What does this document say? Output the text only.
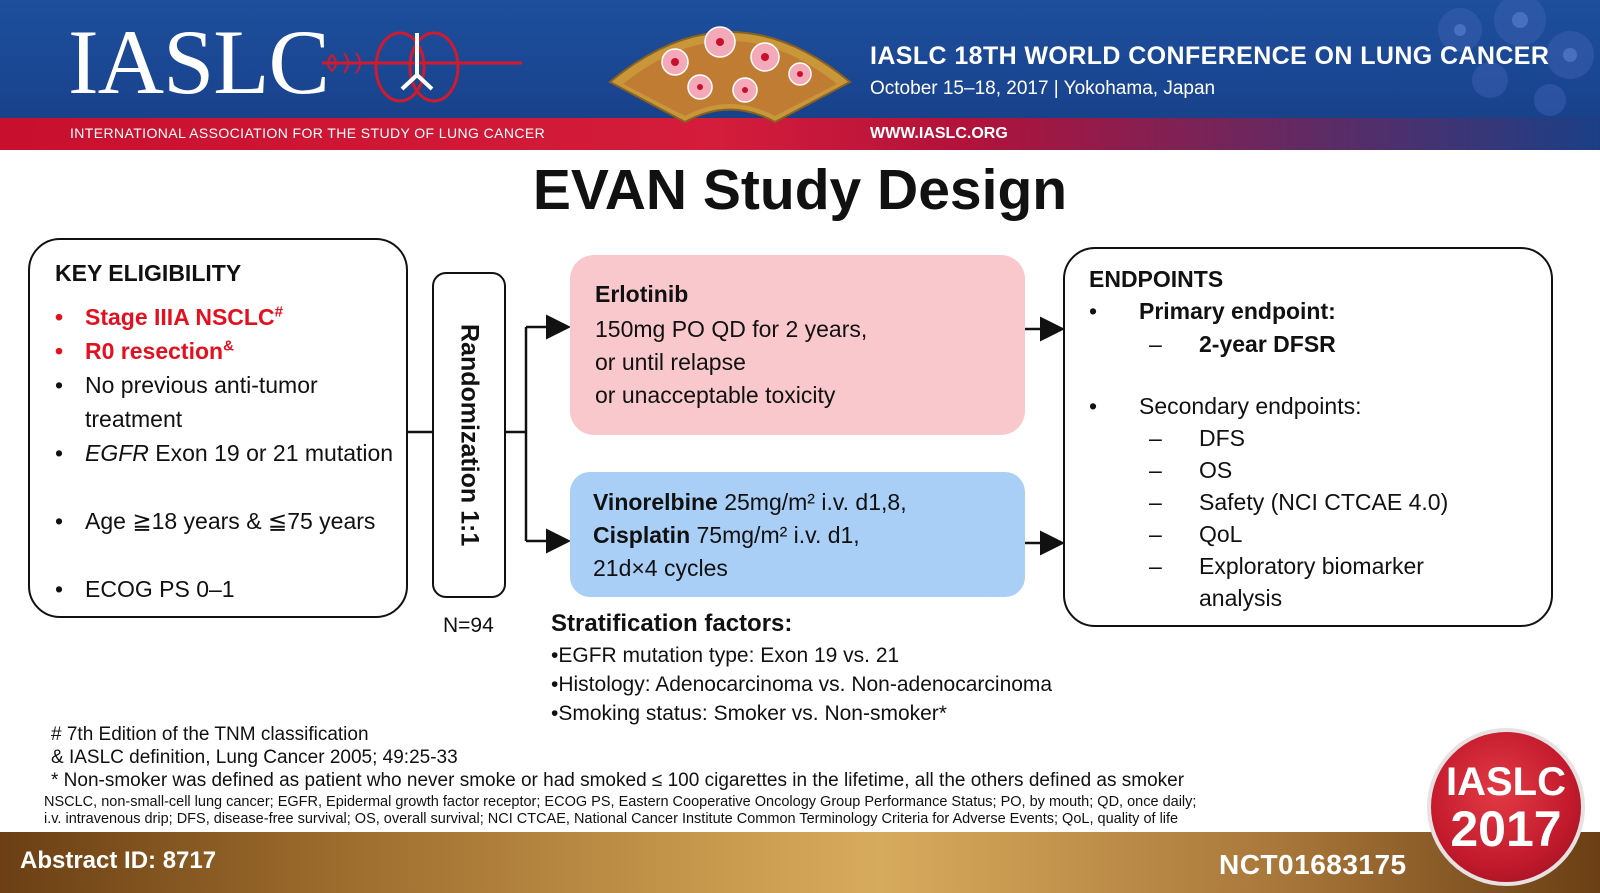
IASLC
INTERNATIONAL ASSOCIATION FOR THE STUDY OF LUNG CANCER
IASLC 18TH WORLD CONFERENCE ON LUNG CANCER
October 15–18, 2017 | Yokohama, Japan
WWW.IASLC.ORG
EVAN Study Design
KEY ELIGIBILITY
• Stage IIIA NSCLC#
• R0 resection&
• No previous anti-tumor treatment
• EGFR Exon 19 or 21 mutation
• Age ≧18 years & ≦75 years
• ECOG PS 0–1
Randomization 1:1
N=94
Erlotinib
150mg PO QD for 2 years,
or until relapse
or unacceptable toxicity
Vinorelbine 25mg/m² i.v. d1,8,
Cisplatin 75mg/m² i.v. d1,
21d×4 cycles
ENDPOINTS
• Primary endpoint:
– 2-year DFSR
• Secondary endpoints:
– DFS
– OS
– Safety (NCI CTCAE 4.0)
– QoL
– Exploratory biomarker
analysis
Stratification factors:
•EGFR mutation type: Exon 19 vs. 21
•Histology: Adenocarcinoma vs. Non-adenocarcinoma
•Smoking status: Smoker vs. Non-smoker*
# 7th Edition of the TNM classification
& IASLC definition, Lung Cancer 2005; 49:25-33
* Non-smoker was defined as patient who never smoke or had smoked ≤ 100 cigarettes in the lifetime, all the others defined as smoker
NSCLC, non-small-cell lung cancer; EGFR, Epidermal growth factor receptor; ECOG PS, Eastern Cooperative Oncology Group Performance Status; PO, by mouth; QD, once daily;
i.v. intravenous drip; DFS, disease-free survival; OS, overall survival; NCI CTCAE, National Cancer Institute Common Terminology Criteria for Adverse Events; QoL, quality of life
Abstract ID: 8717	NCT01683175
IASLC
2017
